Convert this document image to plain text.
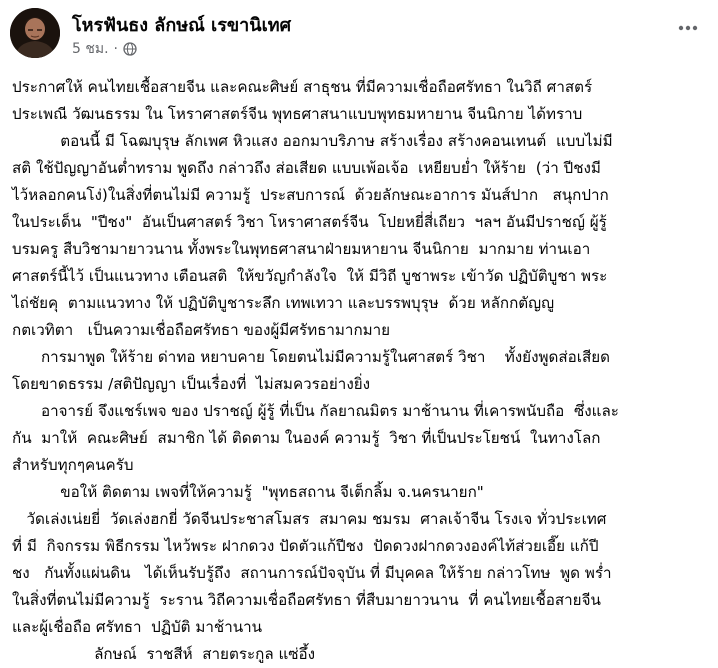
โหรฟันธง ลักษณ์ เรขานิเทศ
5 ชม. ·
ประกาศให้ คนไทยเชื้อสายจีน และคณะศิษย์ สาธุชน ที่มีความเชื่อถือศรัทธา ในวิถี ศาสตร์
ประเพณี วัฒนธรรม ใน โหราศาสตร์จีน พุทธศาสนาแบบพุทธมหายาน จีนนิกาย ได้ทราบ
ตอนนี้ มี โฉฒบุรุษ ลักเพศ หิวแสง ออกมาบริภาษ สร้างเรื่อง สร้างคอนเทนต์  แบบไม่มี
สติ ใช้ปัญญาอันต่ำทราม พูดถึง กล่าวถึง ส่อเสียด แบบเพ้อเจ้อ  เหยียบย่ำ ให้ร้าย  (ว่า ปีชงมี
ไว้หลอกคนโง่)ในสิ่งที่ตนไม่มี ความรู้  ประสบการณ์  ด้วยลักษณะอาการ มันส์ปาก   สนุกปาก
ในประเด็น  "ปีชง"  อันเป็นศาสตร์ วิชา โหราศาสตร์จีน  โปยหยี่สี่เถียว  ฯลฯ อันมีปราชญ์ ผู้รู้
บรมครู สืบวิชามายาวนาน ทั้งพระในพุทธศาสนาฝ่ายมหายาน จีนนิกาย  มากมาย ท่านเอา
ศาสตร์นี้ไว้ เป็นแนวทาง เตือนสติ  ให้ขวัญกำลังใจ  ให้ มีวิถี บูชาพระ เข้าวัด ปฏิบัติบูชา พระ
ไถ่ชัยคุ  ตามแนวทาง ให้ ปฏิบัติบูชาระลึก เทพเทวา และบรรพบุรุษ  ด้วย หลักกตัญญู
กตเวทิตา   เป็นความเชื่อถือศรัทธา ของผู้มีศรัทธามากมาย
การมาพูด ให้ร้าย ด่าทอ หยาบคาย โดยตนไม่มีความรู้ในศาสตร์ วิชา    ทั้งยังพูดส่อเสียด
โดยขาดธรรม /สติปัญญา เป็นเรื่องที่  ไม่สมควรอย่างยิ่ง
อาจารย์ จึงแชร์เพจ ของ ปราชญ์ ผู้รู้ ที่เป็น กัลยาณมิตร มาช้านาน ที่เคารพนับถือ  ซึ่งและ
กัน  มาให้  คณะศิษย์  สมาชิก ได้ ติดตาม ในองค์ ความรู้  วิชา ที่เป็นประโยชน์  ในทางโลก
สำหรับทุกๆคนครับ
ขอให้ ติดตาม เพจที่ให้ความรู้  "พุทธสถาน จีเต็กลิ้ม จ.นครนายก"
วัดเล่งเน่ยยี่  วัดเล่งฮกยี่ วัดจีนประชาสโมสร  สมาคม ชมรม  ศาลเจ้าจีน โรงเจ ทั่วประเทศ
ที่ มี  กิจกรรม พิธีกรรม ไหว้พระ ฝากดวง ปัดตัวแก้ปีชง  ปัดดวงฝากดวงองค์ไท้ส่วยเอี๊ย แก้ปี
ชง   กันทั้งแผ่นดิน   ได้เห็นรับรู้ถึง  สถานการณ์ปัจจุบัน ที่ มีบุคคล ให้ร้าย กล่าวโทษ  พูด พร่ำ
ในสิ่งที่ตนไม่มีความรู้  ระราน วิถีความเชื่อถือศรัทธา ที่สืบมายาวนาน  ที่ คนไทยเชื้อสายจีน
และผู้เชื่อถือ ศรัทธา  ปฏิบัติ มาช้านาน
ลักษณ์  ราชสีห์  สายตระกูล แซ่อึ้ง
